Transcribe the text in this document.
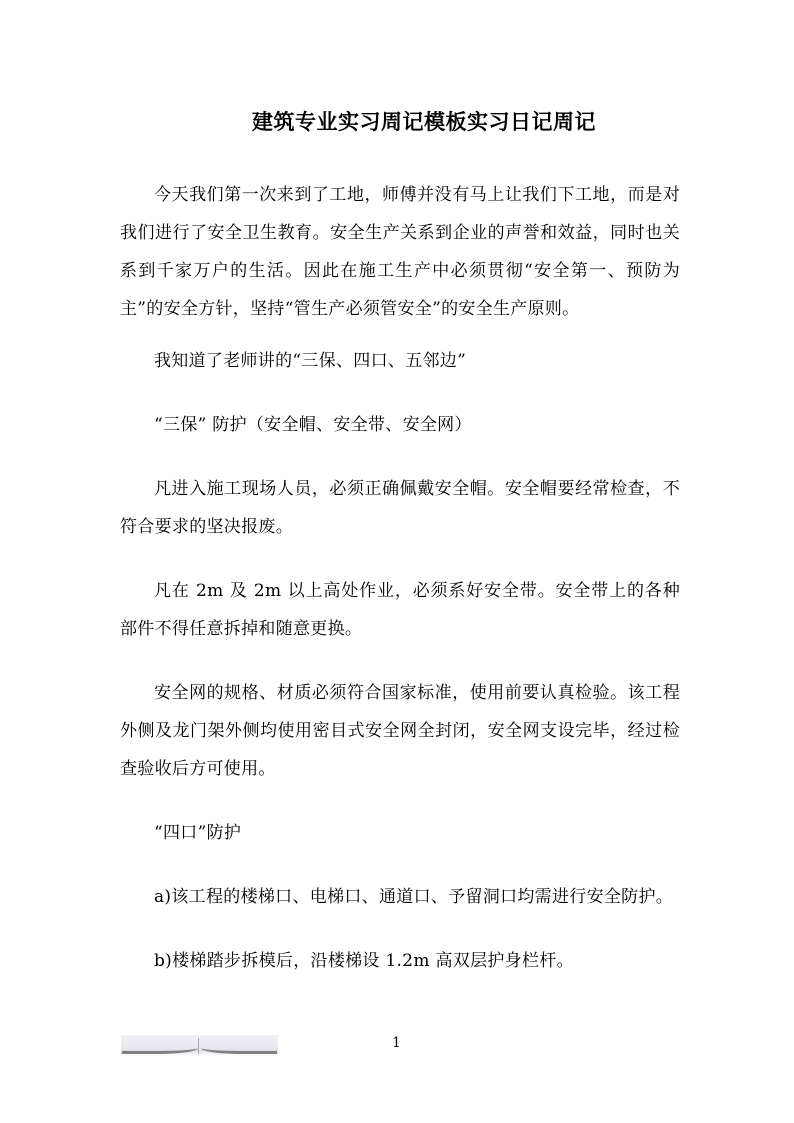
建筑专业实习周记模板实习日记周记

今天我们第一次来到了工地，师傅并没有马上让我们下工地，而是对我们进行了安全卫生教育。安全生产关系到企业的声誉和效益，同时也关系到千家万户的生活。因此在施工生产中必须贯彻“安全第一、预防为主”的安全方针，坚持“管生产必须管安全”的安全生产原则。

我知道了老师讲的“三保、四口、五邻边”

“三保” 防护（安全帽、安全带、安全网）

凡进入施工现场人员，必须正确佩戴安全帽。安全帽要经常检查，不符合要求的坚决报废。

凡在 2m 及 2m 以上高处作业，必须系好安全带。安全带上的各种部件不得任意拆掉和随意更换。

安全网的规格、材质必须符合国家标准，使用前要认真检验。该工程外侧及龙门架外侧均使用密目式安全网全封闭，安全网支设完毕，经过检查验收后方可使用。

“四口”防护

a)该工程的楼梯口、电梯口、通道口、予留洞口均需进行安全防护。

b)楼梯踏步拆模后，沿楼梯设 1.2m 高双层护身栏杆。

1
